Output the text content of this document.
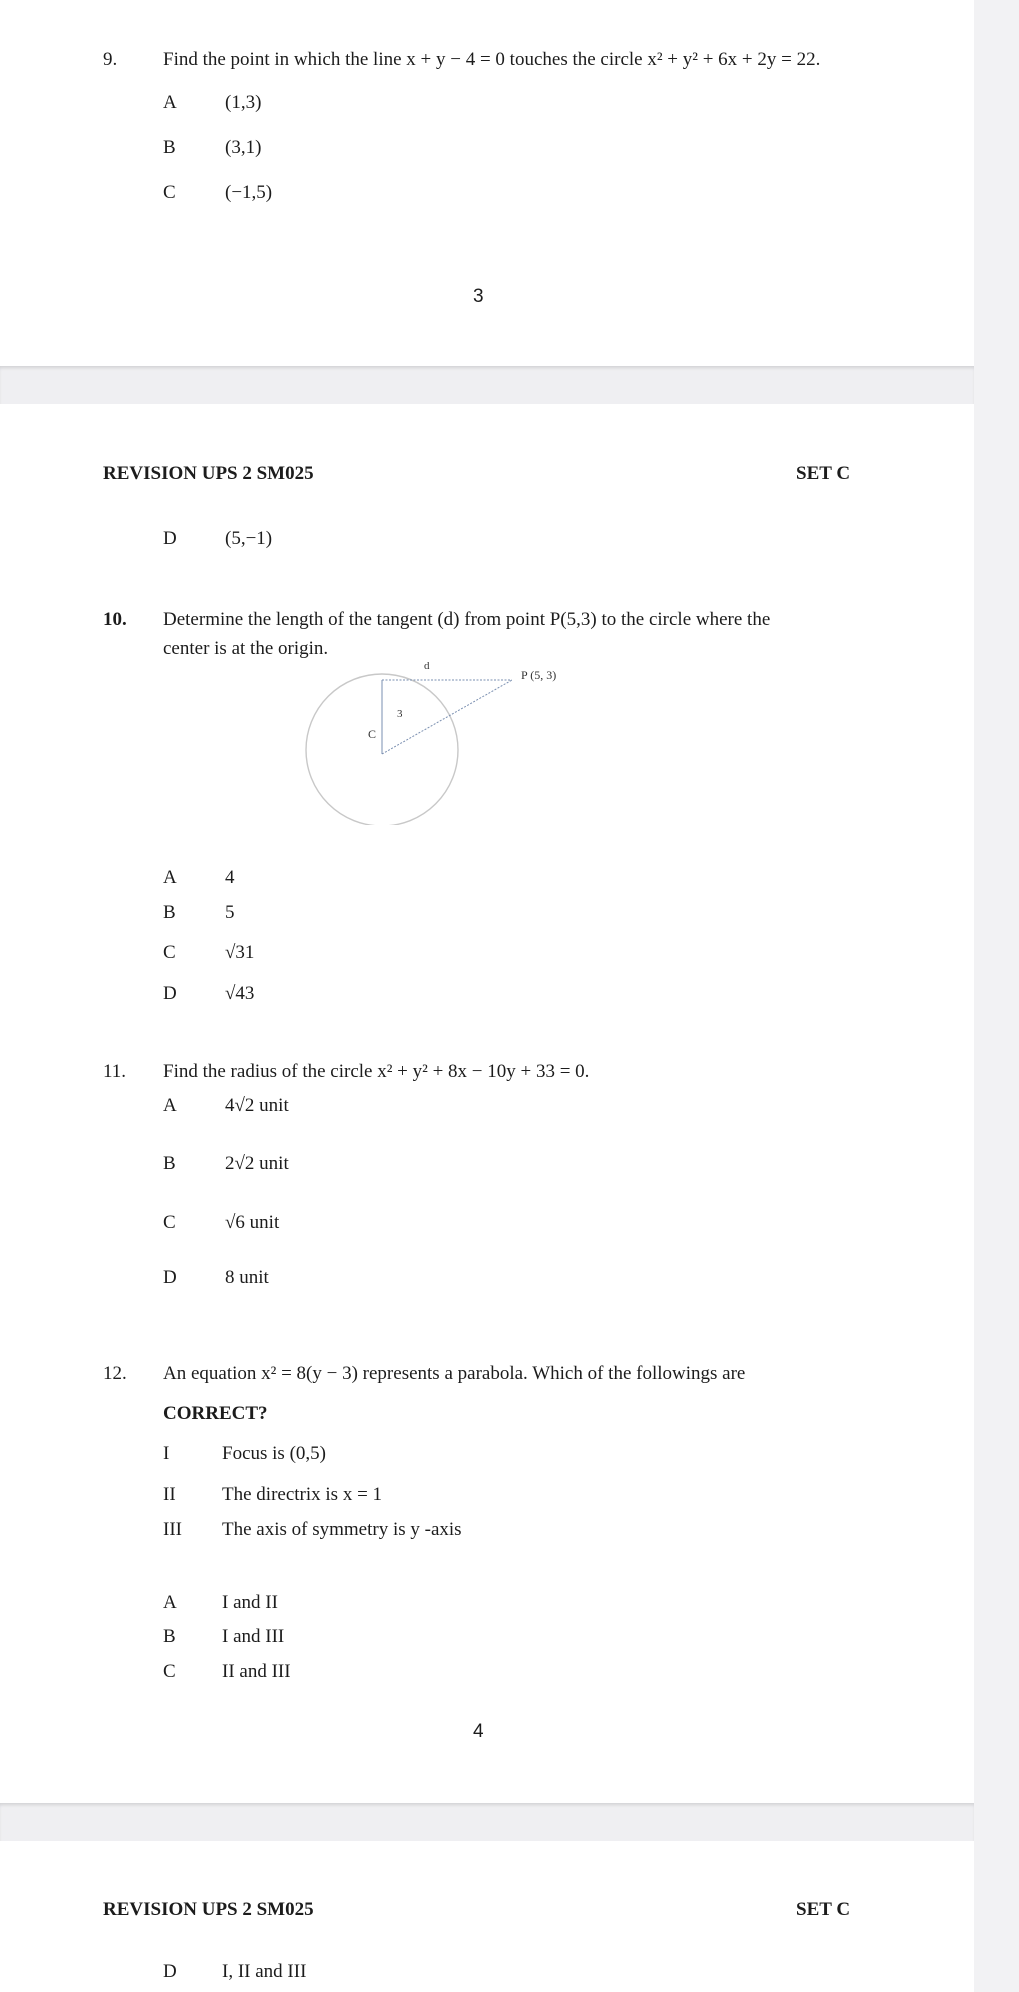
9. Find the point in which the line x + y − 4 = 0 touches the circle x² + y² + 6x + 2y = 22.
A	(1,3)
B	(3,1)
C	(−1,5)
3
REVISION UPS 2 SM025	SET C
D	(5,−1)
10. Determine the length of the tangent (d) from point P(5,3) to the circle where the
center is at the origin.
d
P (5, 3)
3
C
A	4
B	5
C	√31
D	√43
11. Find the radius of the circle x² + y² + 8x − 10y + 33 = 0.
A	4√2 unit
B	2√2 unit
C	√6 unit
D	8 unit
12. An equation x² = 8(y − 3) represents a parabola. Which of the followings are
CORRECT?
I	Focus is (0,5)
II The directrix is x = 1
III The axis of symmetry is y -axis
A I and II
B I and III
C II and III
4
REVISION UPS 2 SM025	SET C
D I, II and III
